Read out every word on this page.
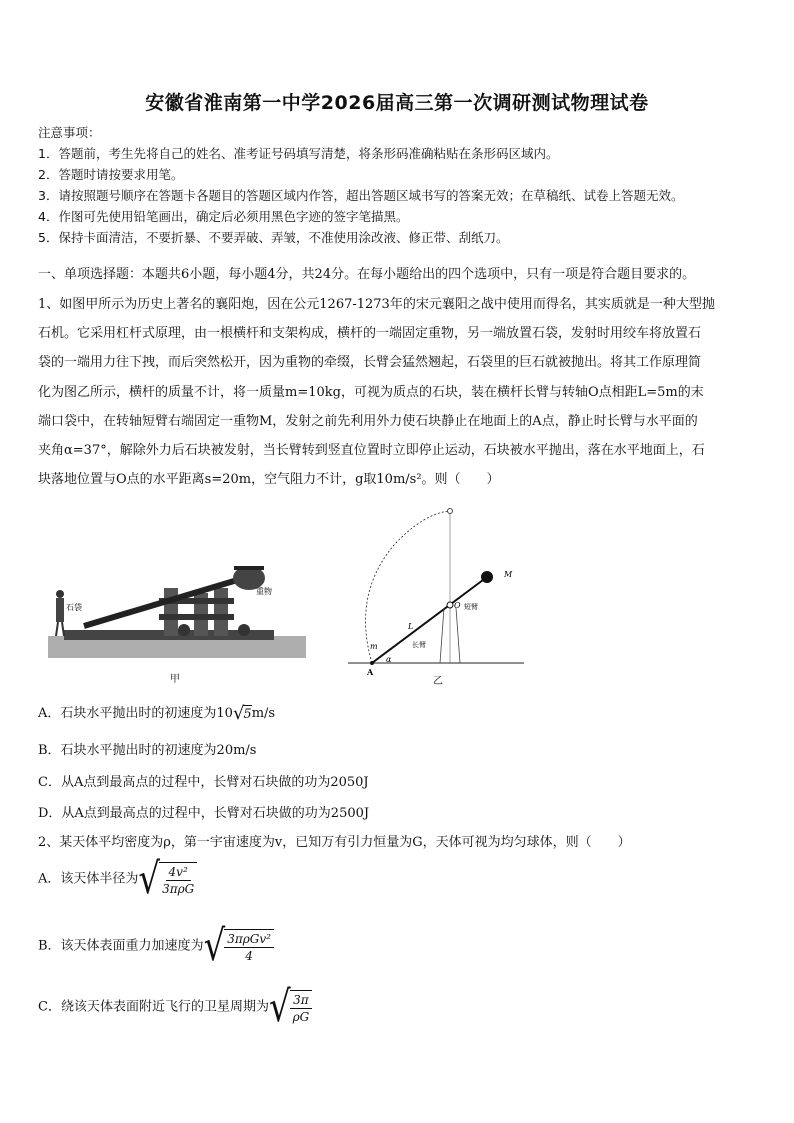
安徽省淮南第一中学2026届高三第一次调研测试物理试卷
注意事项：
1．答题前，考生先将自己的姓名、准考证号码填写清楚，将条形码准确粘贴在条形码区域内。
2．答题时请按要求用笔。
3．请按照题号顺序在答题卡各题目的答题区域内作答，超出答题区域书写的答案无效；在草稿纸、试卷上答题无效。
4．作图可先使用铅笔画出，确定后必须用黑色字迹的签字笔描黑。
5．保持卡面清洁，不要折暴、不要弄破、弄皱，不准使用涂改液、修正带、刮纸刀。
一、单项选择题：本题共6小题，每小题4分，共24分。在每小题给出的四个选项中，只有一项是符合题目要求的。
1、如图甲所示为历史上著名的襄阳炮，因在公元1267-1273年的宋元襄阳之战中使用而得名，其实质就是一种大型抛
石机。它采用杠杆式原理，由一根横杆和支架构成，横杆的一端固定重物，另一端放置石袋，发射时用绞车将放置石
袋的一端用力往下拽，而后突然松开，因为重物的牵缀，长臂会猛然翘起，石袋里的巨石就被抛出。将其工作原理简
化为图乙所示，横杆的质量不计，将一质量m=10kg，可视为质点的石块，装在横杆长臂与转轴O点相距L=5m的末
端口袋中，在转轴短臂右端固定一重物M，发射之前先利用外力使石块静止在地面上的A点，静止时长臂与水平面的
夹角α=37°，解除外力后石块被发射，当长臂转到竖直位置时立即停止运动，石块被水平抛出，落在水平地面上，石
块落地位置与O点的水平距离s=20m，空气阻力不计，g取10m/s²。则（　　）
石袋
重物
甲
M
O 短臂
L
长臂
m
α
A
乙
A．石块水平抛出时的初速度为10 √ 5 m/s
B．石块水平抛出时的初速度为20m/s
C．从A点到最高点的过程中，长臂对石块做的功为2050J
D．从A点到最高点的过程中，长臂对石块做的功为2500J
2、某天体平均密度为ρ，第一宇宙速度为v，已知万有引力恒量为G，天体可视为均匀球体，则（　　）
A．该天体半径为 √ $\frac{\text{4v²}}{\text{3πρG}}$
B．该天体表面重力加速度为 √ $\frac{\text{3πρGv²}}{4}$
C．绕该天体表面附近飞行的卫星周期为 √ $\frac{3\pi}{\rho G}$
